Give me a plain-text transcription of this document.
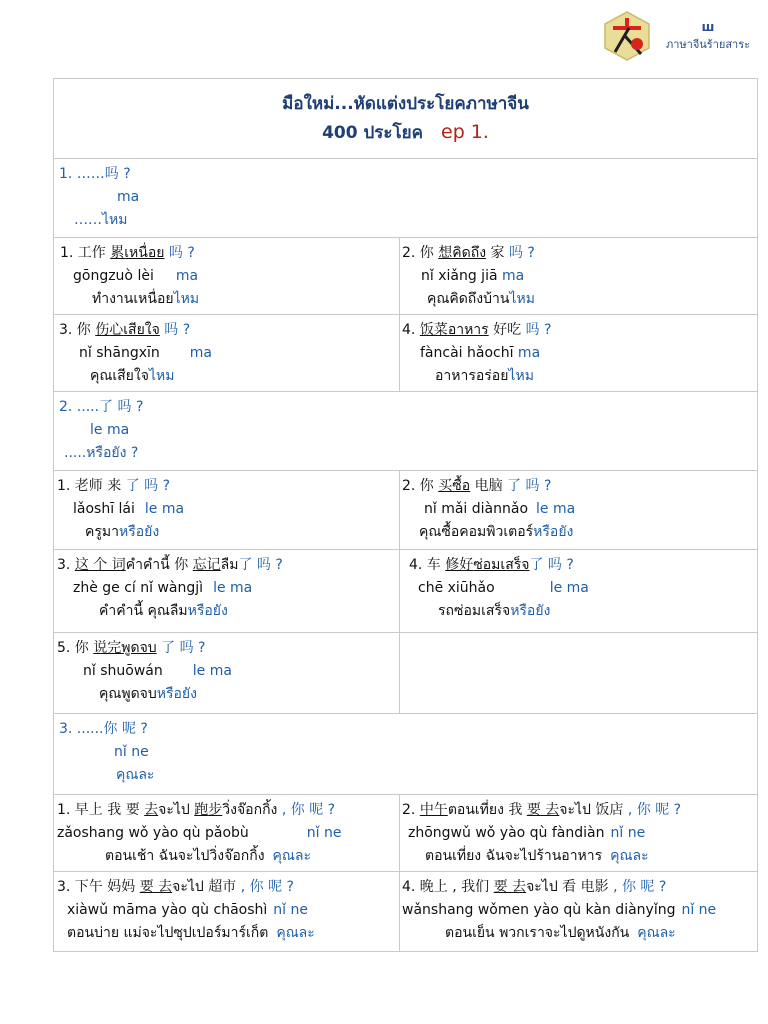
ш
ภาษาจีนร้ายสาระ
มือใหม่...หัดแต่งประโยคภาษาจีน
400 ประโยค ep 1.
1. ……吗 ?
ma
……ไหม
1. 工作 累เหนื่อย 吗 ?
gōngzuò lèi ma
ทำงานเหนื่อยไหม
2. 你 想คิดถึง 家 吗 ?
nǐ xiǎng jiā ma
คุณคิดถึงบ้านไหม
3. 你 伤心เสียใจ 吗 ?
nǐ shāngxīn ma
คุณเสียใจไหม
4. 饭菜อาหาร 好吃 吗 ?
fàncài hǎochī ma
อาหารอร่อยไหม
2. .....了 吗 ?
le ma
.....หรือยัง ?
1. 老师 来 了 吗 ?
lǎoshī lái le ma
ครูมาหรือยัง
2. 你 买ซื้อ 电脑 了 吗 ?
nǐ mǎi diànnǎo le ma
คุณซื้อคอมพิวเตอร์หรือยัง
3. 这 个 词คำคำนี้ 你 忘记ลืม了 吗 ?
zhè ge cí nǐ wàngjì le ma
คำคำนี้ คุณลืมหรือยัง
4. 车 修好ซ่อมเสร็จ了 吗 ?
chē xiūhǎo	le ma
รถซ่อมเสร็จหรือยัง
5. 你 说完พูดจบ 了 吗 ?
nǐ shuōwán le ma
คุณพูดจบหรือยัง
3. ......你 呢 ?
nǐ ne
คุณละ
1. 早上 我 要 去จะไป 跑步วิ่งจ๊อกกิ้ง , 你 呢 ?
zǎoshang wǒ yào qù pǎobù	nǐ ne
ตอนเช้า ฉันจะไปวิ่งจ๊อกกิ้ง คุณละ
2. 中午ตอนเที่ยง 我 要 去จะไป 饭店 , 你 呢 ?
zhōngwǔ wǒ yào qù fàndiàn nǐ ne
ตอนเที่ยง ฉันจะไปร้านอาหาร คุณละ
3. 下午 妈妈 要 去จะไป 超市 , 你 呢 ?
xiàwǔ māma yào qù chāoshì nǐ ne
ตอนบ่าย แม่จะไปซุปเปอร์มาร์เก็ต คุณละ
4. 晚上 , 我们 要 去จะไป 看 电影 , 你 呢 ?
wǎnshang wǒmen yào qù kàn diànyǐng nǐ ne
ตอนเย็น พวกเราจะไปดูหนังกัน คุณละ
